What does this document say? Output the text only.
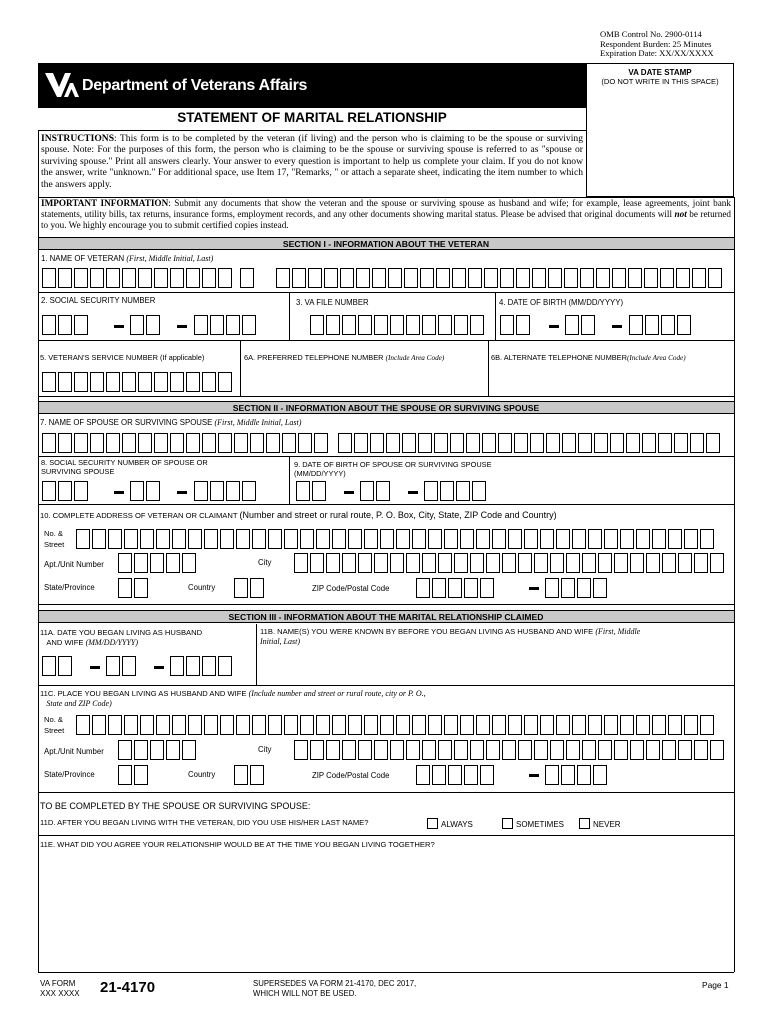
OMB Control No. 2900-0114
Respondent Burden: 25 Minutes
Expiration Date: XX/XX/XXXX
Department of Veterans Affairs
VA DATE STAMP
(DO NOT WRITE IN THIS SPACE)
STATEMENT OF MARITAL RELATIONSHIP
INSTRUCTIONS: This form is to be completed by the veteran (if living) and the person who is claiming to be the spouse or surviving spouse. Note: For the purposes of this form, the person who is claiming to be the spouse or surviving spouse is referred to as "spouse or surviving spouse." Print all answers clearly. Your answer to every question is important to help us complete your claim. If you do not know the answer, write "unknown." For additional space, use Item 17, "Remarks, " or attach a separate sheet, indicating the item number to which the answers apply.
IMPORTANT INFORMATION: Submit any documents that show the veteran and the spouse or surviving spouse as husband and wife; for example, lease agreements, joint bank statements, utility bills, tax returns, insurance forms, employment records, and any other documents showing marital status. Please be advised that original documents will not be returned to you. We highly encourage you to submit certified copies instead.
SECTION I - INFORMATION ABOUT THE VETERAN
1. NAME OF VETERAN (First, Middle Initial, Last)
2. SOCIAL SECURITY NUMBER	3. VA FILE NUMBER	4. DATE OF BIRTH (MM/DD/YYYY)
5. VETERAN'S SERVICE NUMBER (If applicable)	6A. PREFERRED TELEPHONE NUMBER (Include Area Code)	6B. ALTERNATE TELEPHONE NUMBER(Include Area Code)
SECTION II - INFORMATION ABOUT THE SPOUSE OR SURVIVING SPOUSE
7. NAME OF SPOUSE OR SURVIVING SPOUSE (First, Middle Initial, Last)
8. SOCIAL SECURITY NUMBER OF SPOUSE OR
SURVIVING SPOUSE
9. DATE OF BIRTH OF SPOUSE OR SURVIVING SPOUSE
(MM/DD/YYYY)
10. COMPLETE ADDRESS OF VETERAN OR CLAIMANT (Number and street or rural route, P. O. Box, City, State, ZIP Code and Country)
No. &
Street
Apt./Unit Number	City
State/Province	Country	ZIP Code/Postal Code
SECTION III - INFORMATION ABOUT THE MARITAL RELATIONSHIP CLAIMED
11A. DATE YOU BEGAN LIVING AS HUSBAND
AND WIFE (MM/DD/YYYY)
11B. NAME(S) YOU WERE KNOWN BY BEFORE YOU BEGAN LIVING AS HUSBAND AND WIFE (First, Middle
Initial, Last)
11C. PLACE YOU BEGAN LIVING AS HUSBAND AND WIFE (Include number and street or rural route, city or P. O.,
State and ZIP Code)
No. &
Street
Apt./Unit Number	City
State/Province	Country	ZIP Code/Postal Code
TO BE COMPLETED BY THE SPOUSE OR SURVIVING SPOUSE:
11D. AFTER YOU BEGAN LIVING WITH THE VETERAN, DID YOU USE HIS/HER LAST NAME?	ALWAYS	SOMETIMES	NEVER
11E. WHAT DID YOU AGREE YOUR RELATIONSHIP WOULD BE AT THE TIME YOU BEGAN LIVING TOGETHER?
VA FORM
XXX XXXX 21-4170	SUPERSEDES VA FORM 21-4170, DEC 2017,
WHICH WILL NOT BE USED.
Page 1
